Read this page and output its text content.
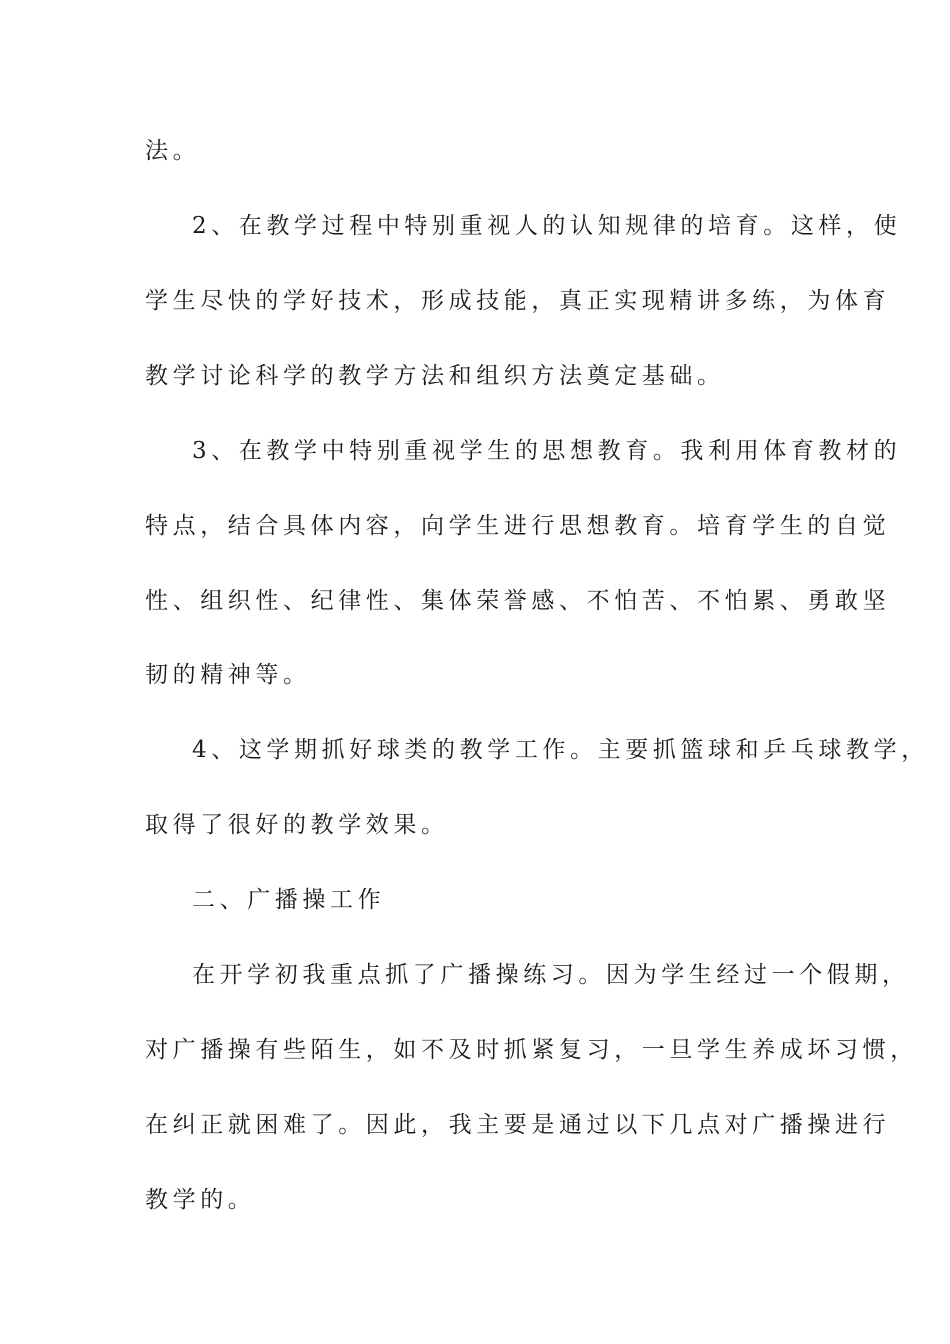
法。
2、在教学过程中特别重视人的认知规律的培育。这样，使
学生尽快的学好技术，形成技能，真正实现精讲多练，为体育
教学讨论科学的教学方法和组织方法奠定基础。
3、在教学中特别重视学生的思想教育。我利用体育教材的
特点，结合具体内容，向学生进行思想教育。培育学生的自觉
性、组织性、纪律性、集体荣誉感、不怕苦、不怕累、勇敢坚
韧的精神等。
4、这学期抓好球类的教学工作。主要抓篮球和乒乓球教学，
取得了很好的教学效果。
二、广播操工作
在开学初我重点抓了广播操练习。因为学生经过一个假期，
对广播操有些陌生，如不及时抓紧复习，一旦学生养成坏习惯，
在纠正就困难了。因此，我主要是通过以下几点对广播操进行
教学的。
